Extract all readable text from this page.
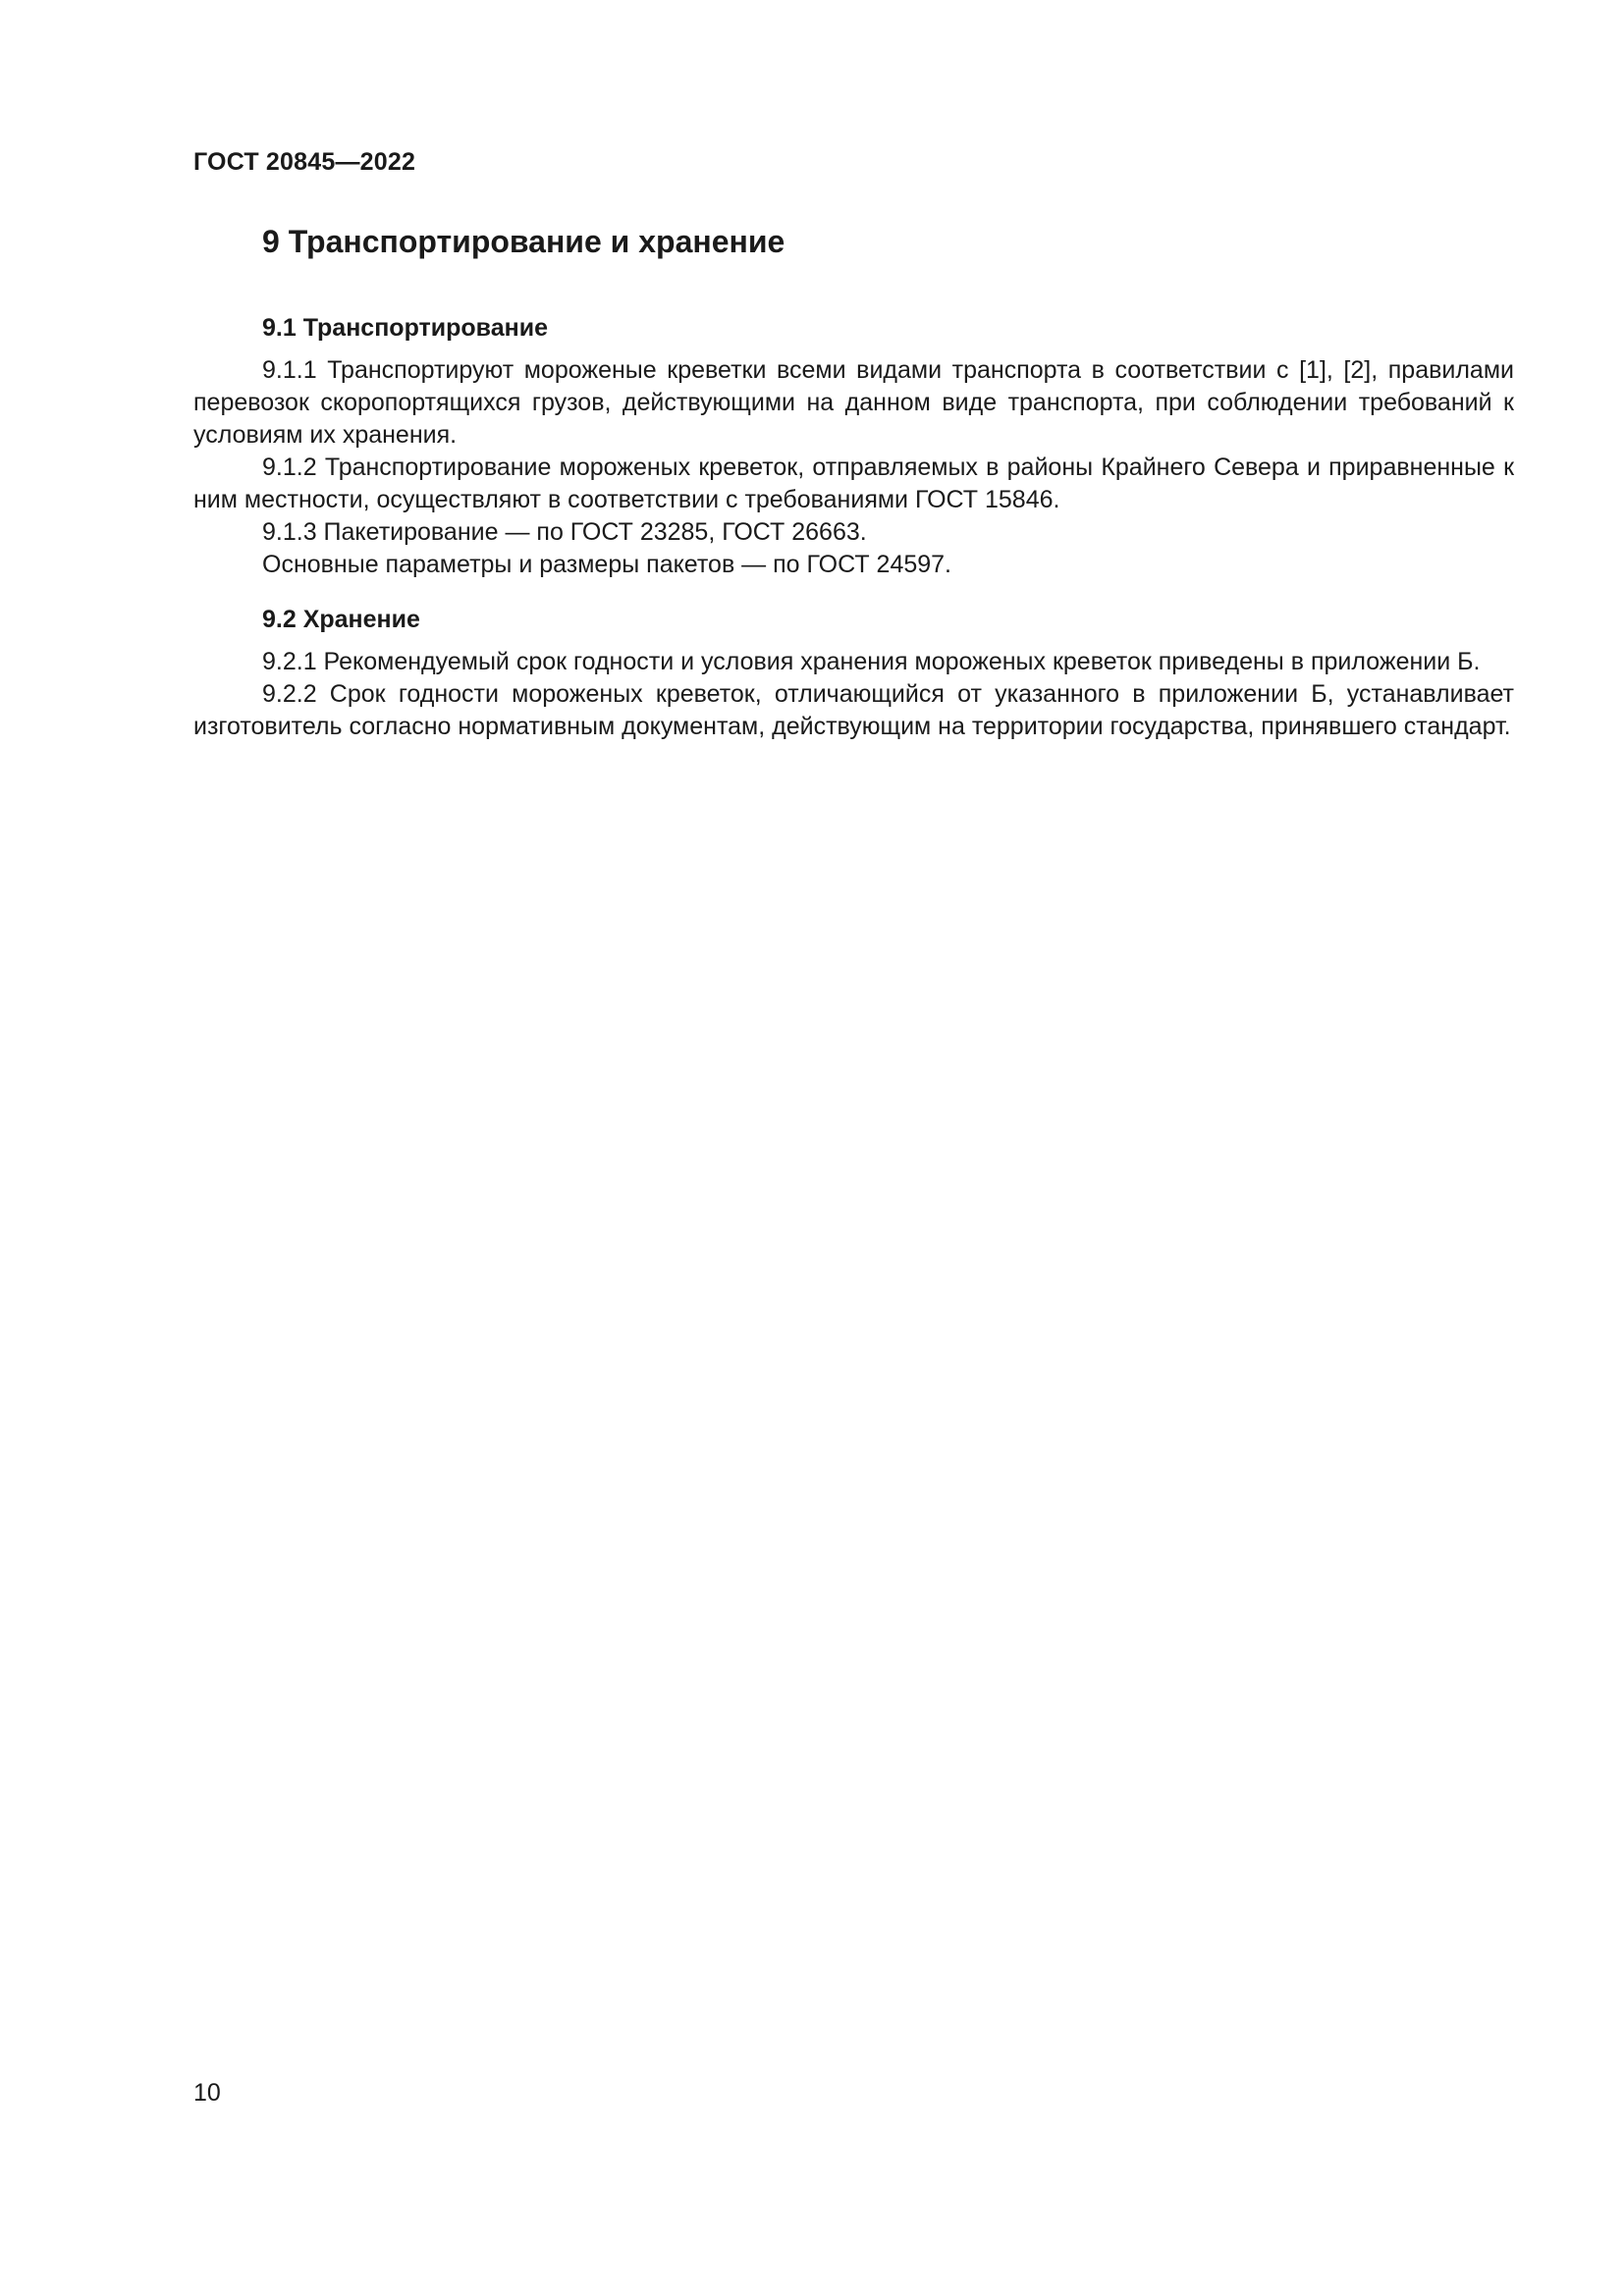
ГОСТ 20845—2022
9 Транспортирование и хранение
9.1 Транспортирование

9.1.1 Транспортируют мороженые креветки всеми видами транспорта в соответствии с [1], [2], правилами перевозок скоропортящихся грузов, действующими на данном виде транспорта, при соблюдении требований к условиям их хранения.

9.1.2 Транспортирование мороженых креветок, отправляемых в районы Крайнего Севера и приравненные к ним местности, осуществляют в соответствии с требованиями ГОСТ 15846.

9.1.3 Пакетирование — по ГОСТ 23285, ГОСТ 26663.

Основные параметры и размеры пакетов — по ГОСТ 24597.

9.2 Хранение

9.2.1 Рекомендуемый срок годности и условия хранения мороженых креветок приведены в приложении Б.

9.2.2 Срок годности мороженых креветок, отличающийся от указанного в приложении Б, устанавливает изготовитель согласно нормативным документам, действующим на территории государства, принявшего стандарт.

10
